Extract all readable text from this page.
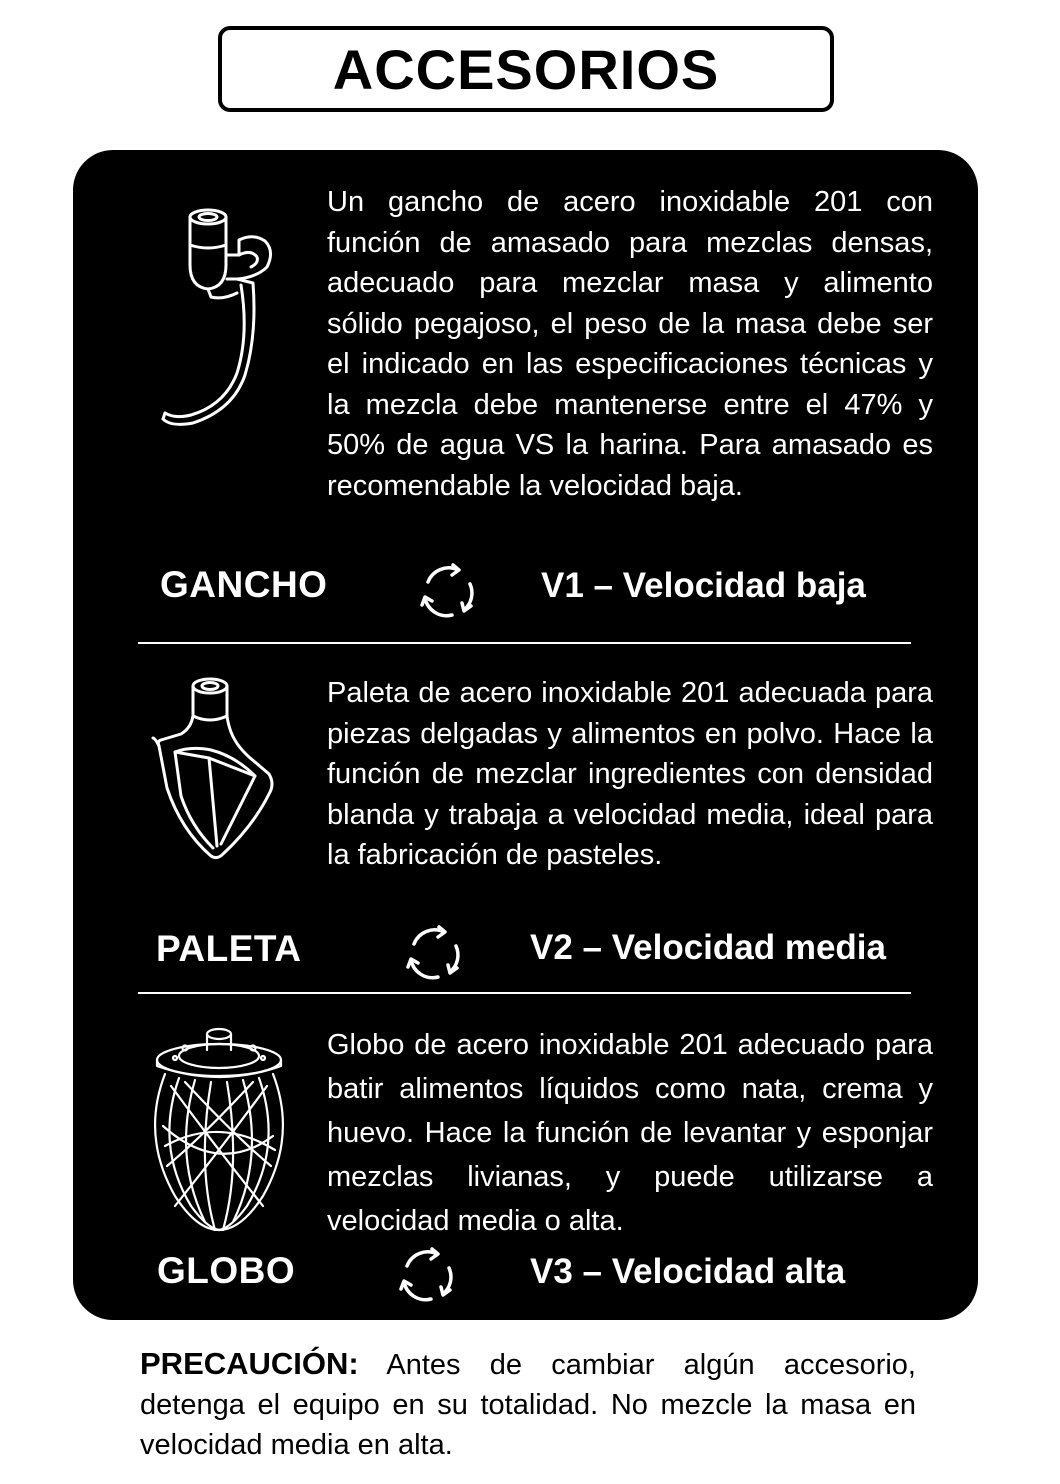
ACCESORIOS
Un gancho de acero inoxidable 201 con función de amasado para mezclas densas, adecuado para mezclar masa y alimento sólido pegajoso, el peso de la masa debe ser el indicado en las especificaciones técnicas y la mezcla debe mantenerse entre el 47% y 50% de agua VS la harina. Para amasado es recomendable la velocidad baja.
GANCHO	V1 – Velocidad baja
Paleta de acero inoxidable 201 adecuada para piezas delgadas y alimentos en polvo. Hace la función de mezclar ingredientes con densidad blanda y trabaja a velocidad media, ideal para la fabricación de pasteles.
PALETA	V2 – Velocidad media
Globo de acero inoxidable 201 adecuado para batir alimentos líquidos como nata, crema y huevo. Hace la función de levantar y esponjar mezclas livianas, y puede utilizarse a velocidad media o alta.
GLOBO	V3 – Velocidad alta
PRECAUCIÓN: Antes de cambiar algún accesorio, detenga el equipo en su totalidad. No mezcle la masa en velocidad media en alta.
